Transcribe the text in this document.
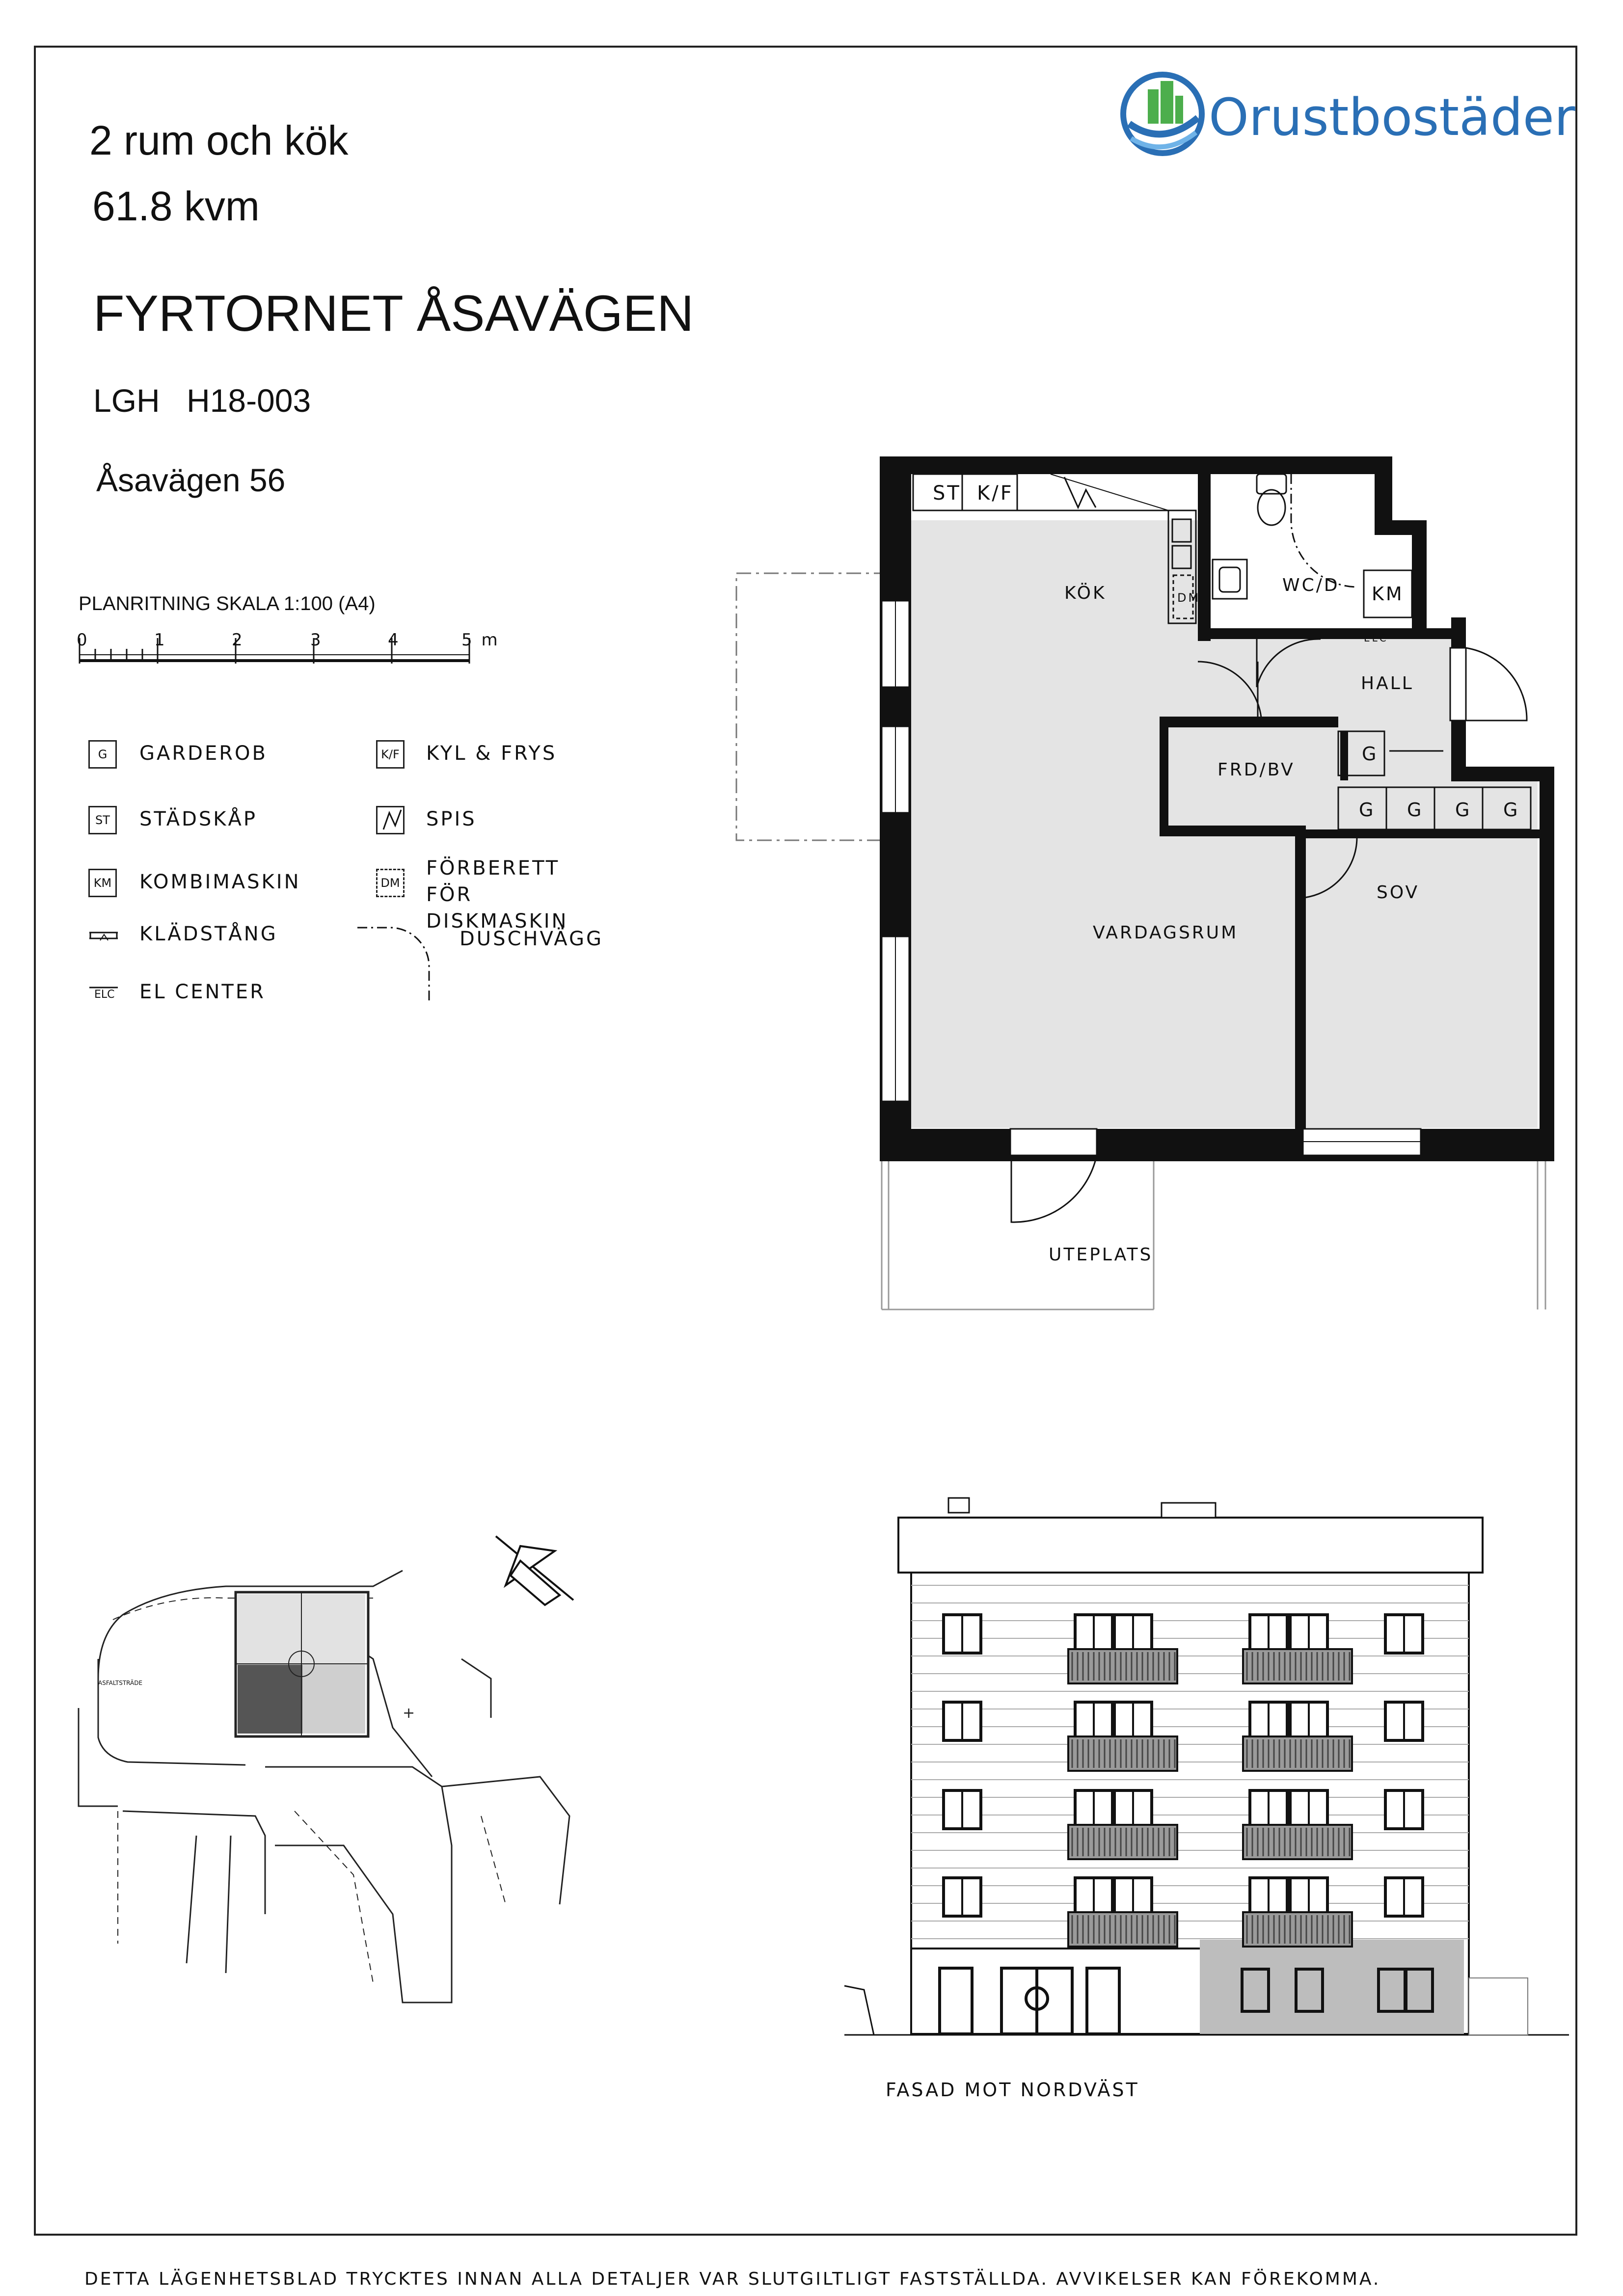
2 rum och kök
61.8 kvm
FYRTORNET ÅSAVÄGEN
LGH H18-003
Åsavägen 56
Orustbostäder
PLANRITNING SKALA 1:100 (A4)
0	1	2	3	4	5 m
G	GARDEROB	K/F KYL & FRYS
ST	STÄDSKÅP	SPIS
KM KOMBIMASKIN	DM
FÖRBERETT FÖR DISKMASKIN
KLÄDSTÅNG	DUSCHVÄGG
ELC EL CENTER
ST K/F
DM
KÖK	WC/D KM
ELC
HALL
FRD/BV
G
G G G G
VARDAGSRUM
SOV
UTEPLATS
+
ASFALTSTRÄDE
FASAD MOT NORDVÄST
DETTA LÄGENHETSBLAD TRYCKTES INNAN ALLA DETALJER VAR SLUTGILTLIGT FASTSTÄLLDA. AVVIKELSER KAN FÖREKOMMA.
